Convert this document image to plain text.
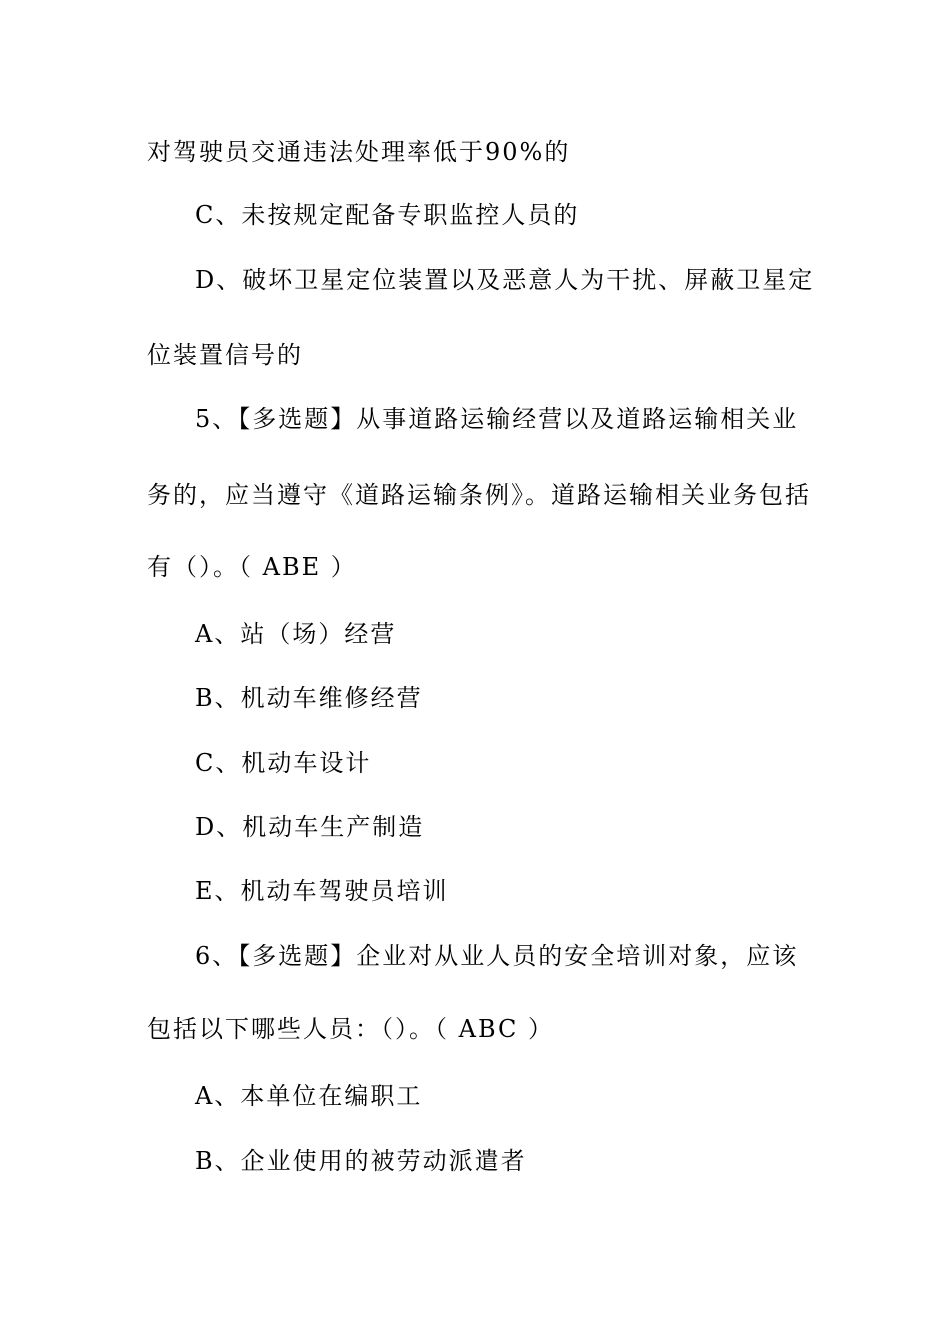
对驾驶员交通违法处理率低于90%的
C、未按规定配备专职监控人员的
D、破坏卫星定位装置以及恶意人为干扰、屏蔽卫星定
位装置信号的
5、【多选题】从事道路运输经营以及道路运输相关业
务的，应当遵守《道路运输条例》。道路运输相关业务包括
有（）。（ ABE ）
A、站（场）经营
B、机动车维修经营
C、机动车设计
D、机动车生产制造
E、机动车驾驶员培训
6、【多选题】企业对从业人员的安全培训对象，应该
包括以下哪些人员：（）。（ ABC ）
A、本单位在编职工
B、企业使用的被劳动派遣者
